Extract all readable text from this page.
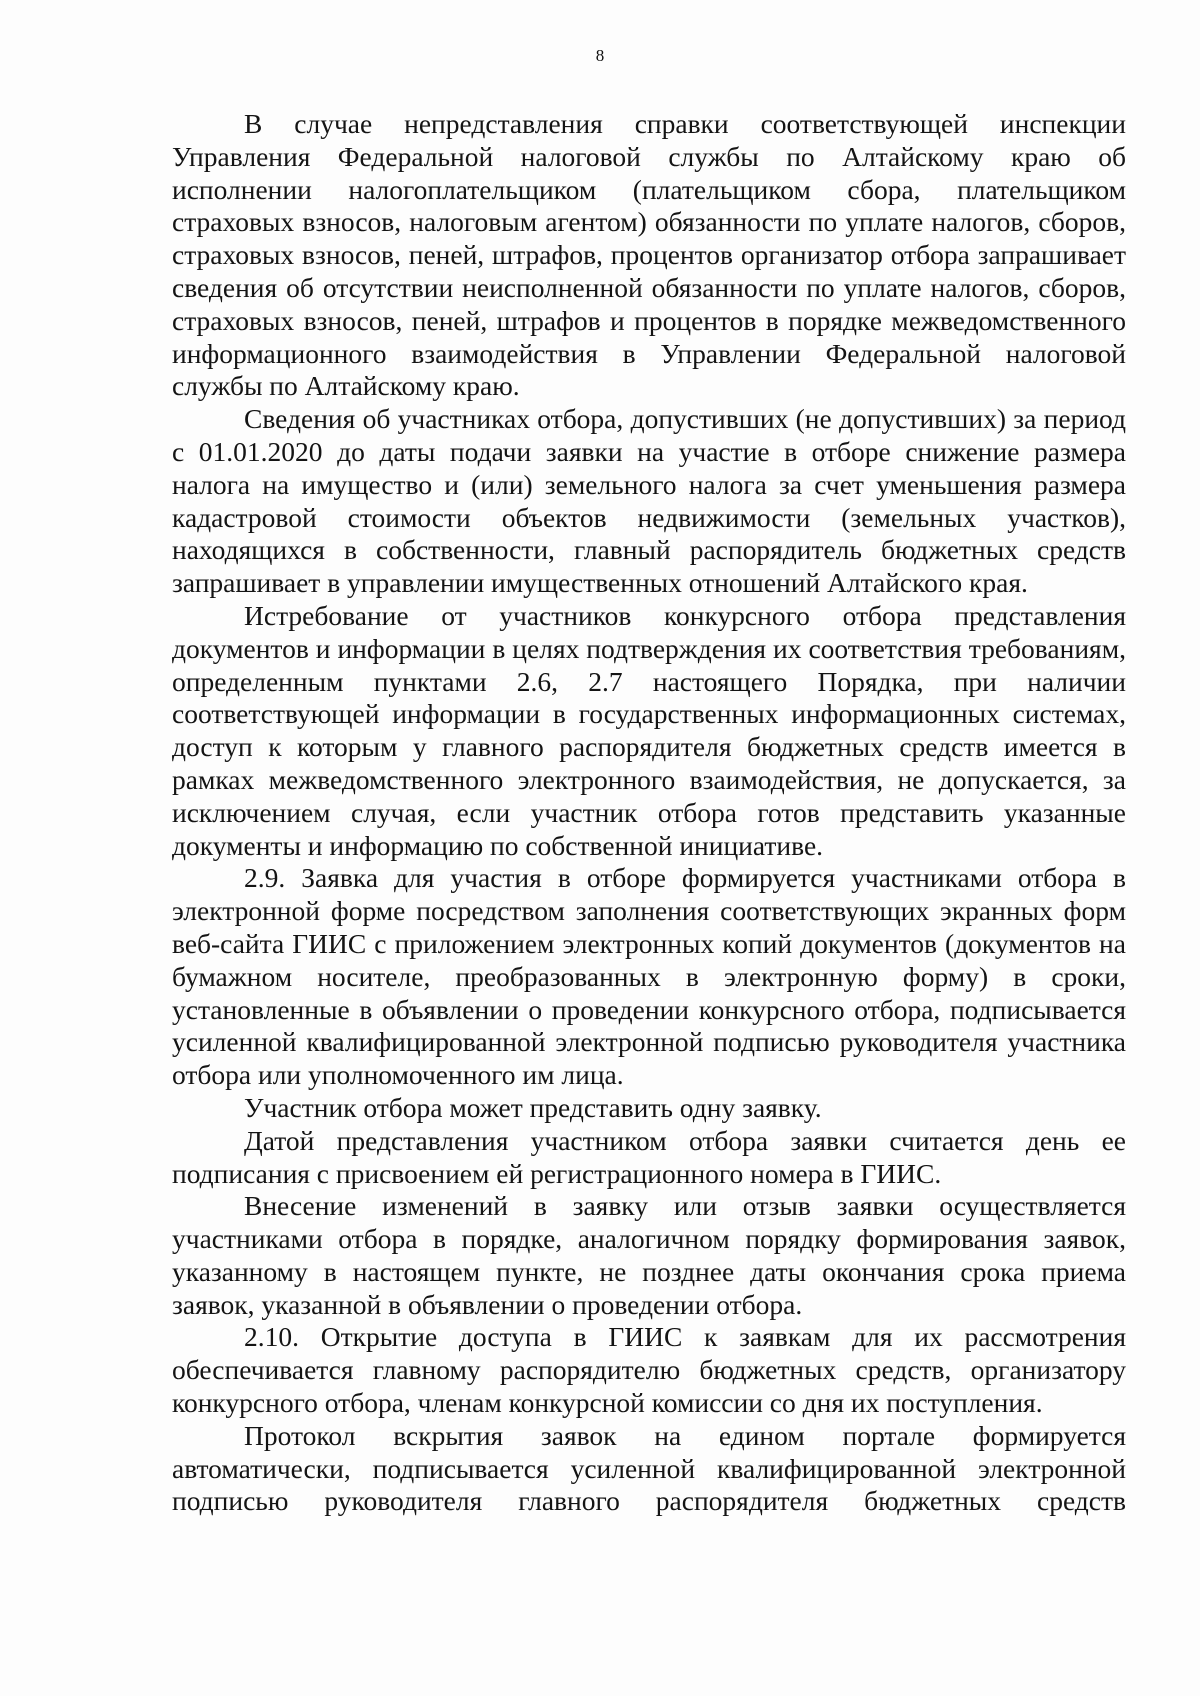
8

В случае непредставления справки соответствующей инспекции Управления Федеральной налоговой службы по Алтайскому краю об исполнении налогоплательщиком (плательщиком сбора, плательщиком страховых взносов, налоговым агентом) обязанности по уплате налогов, сборов, страховых взносов, пеней, штрафов, процентов организатор отбора запрашивает сведения об отсутствии неисполненной обязанности по уплате налогов, сборов, страховых взносов, пеней, штрафов и процентов в порядке межведомственного информационного взаимодействия в Управлении Федеральной налоговой службы по Алтайскому краю.

Сведения об участниках отбора, допустивших (не допустивших) за период с 01.01.2020 до даты подачи заявки на участие в отборе снижение размера налога на имущество и (или) земельного налога за счет уменьшения размера кадастровой стоимости объектов недвижимости (земельных участков), находящихся в собственности, главный распорядитель бюджетных средств запрашивает в управлении имущественных отношений Алтайского края.

Истребование от участников конкурсного отбора представления документов и информации в целях подтверждения их соответствия требованиям, определенным пунктами 2.6, 2.7 настоящего Порядка, при наличии соответствующей информации в государственных информационных системах, доступ к которым у главного распорядителя бюджетных средств имеется в рамках межведомственного электронного взаимодействия, не допускается, за исключением случая, если участник отбора готов представить указанные документы и информацию по собственной инициативе.

2.9. Заявка для участия в отборе формируется участниками отбора в электронной форме посредством заполнения соответствующих экранных форм веб-сайта ГИИС с приложением электронных копий документов (документов на бумажном носителе, преобразованных в электронную форму) в сроки, установленные в объявлении о проведении конкурсного отбора, подписывается усиленной квалифицированной электронной подписью руководителя участника отбора или уполномоченного им лица.

Участник отбора может представить одну заявку.

Датой представления участником отбора заявки считается день ее подписания с присвоением ей регистрационного номера в ГИИС.

Внесение изменений в заявку или отзыв заявки осуществляется участниками отбора в порядке, аналогичном порядку формирования заявок, указанному в настоящем пункте, не позднее даты окончания срока приема заявок, указанной в объявлении о проведении отбора.

2.10. Открытие доступа в ГИИС к заявкам для их рассмотрения обеспечивается главному распорядителю бюджетных средств, организатору конкурсного отбора, членам конкурсной комиссии со дня их поступления.

Протокол вскрытия заявок на едином портале формируется автоматически, подписывается усиленной квалифицированной электронной подписью руководителя главного распорядителя бюджетных средств
